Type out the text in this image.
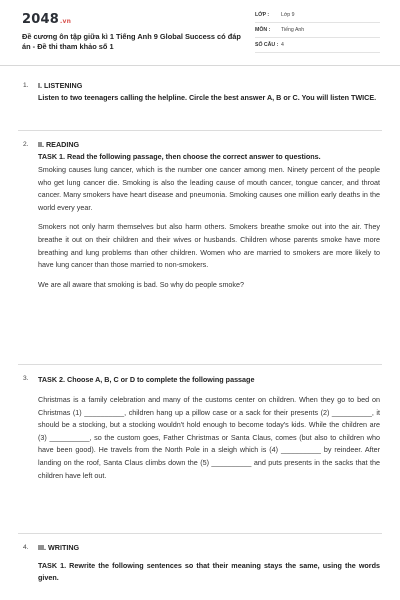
2048.vn
Đề cương ôn tập giữa kì 1 Tiếng Anh 9 Global Success có đáp án - Đề thi tham khảo số 1
LỚP :	Lớp 9
MÔN :	Tiếng Anh
SỐ CÂU : 4
1. I. LISTENING
Listen to two teenagers calling the helpline. Circle the best answer A, B or C. You will listen TWICE.
2. II. READING
TASK 1. Read the following passage, then choose the correct answer to questions.
Smoking causes lung cancer, which is the number one cancer among men. Ninety percent of the people who get lung cancer die. Smoking is also the leading cause of mouth cancer, tongue cancer, and throat cancer. Many smokers have heart disease and pneumonia. Smoking causes one million early deaths in the world every year.
Smokers not only harm themselves but also harm others. Smokers breathe smoke out into the air. They breathe it out on their children and their wives or husbands. Children whose parents smoke have more breathing and lung problems than other children. Women who are married to smokers are more likely to have lung cancer than those married to non-smokers.
We are all aware that smoking is bad. So why do people smoke?
3. TASK 2. Choose A, B, C or D to complete the following passage
Christmas is a family celebration and many of the customs center on children. When they go to bed on Christmas (1) __________, children hang up a pillow case or a sack for their presents (2) __________, it should be a stocking, but a stocking wouldn't hold enough to become today's kids. While the children are (3) __________, so the custom goes, Father Christmas or Santa Claus, comes (but also to children who have been good). He travels from the North Pole in a sleigh which is (4) __________ by reindeer. After landing on the roof, Santa Claus climbs down the (5) __________ and puts presents in the sacks that the children have left out.
4. III. WRITING
TASK 1. Rewrite the following sentences so that their meaning stays the same, using the words given.
